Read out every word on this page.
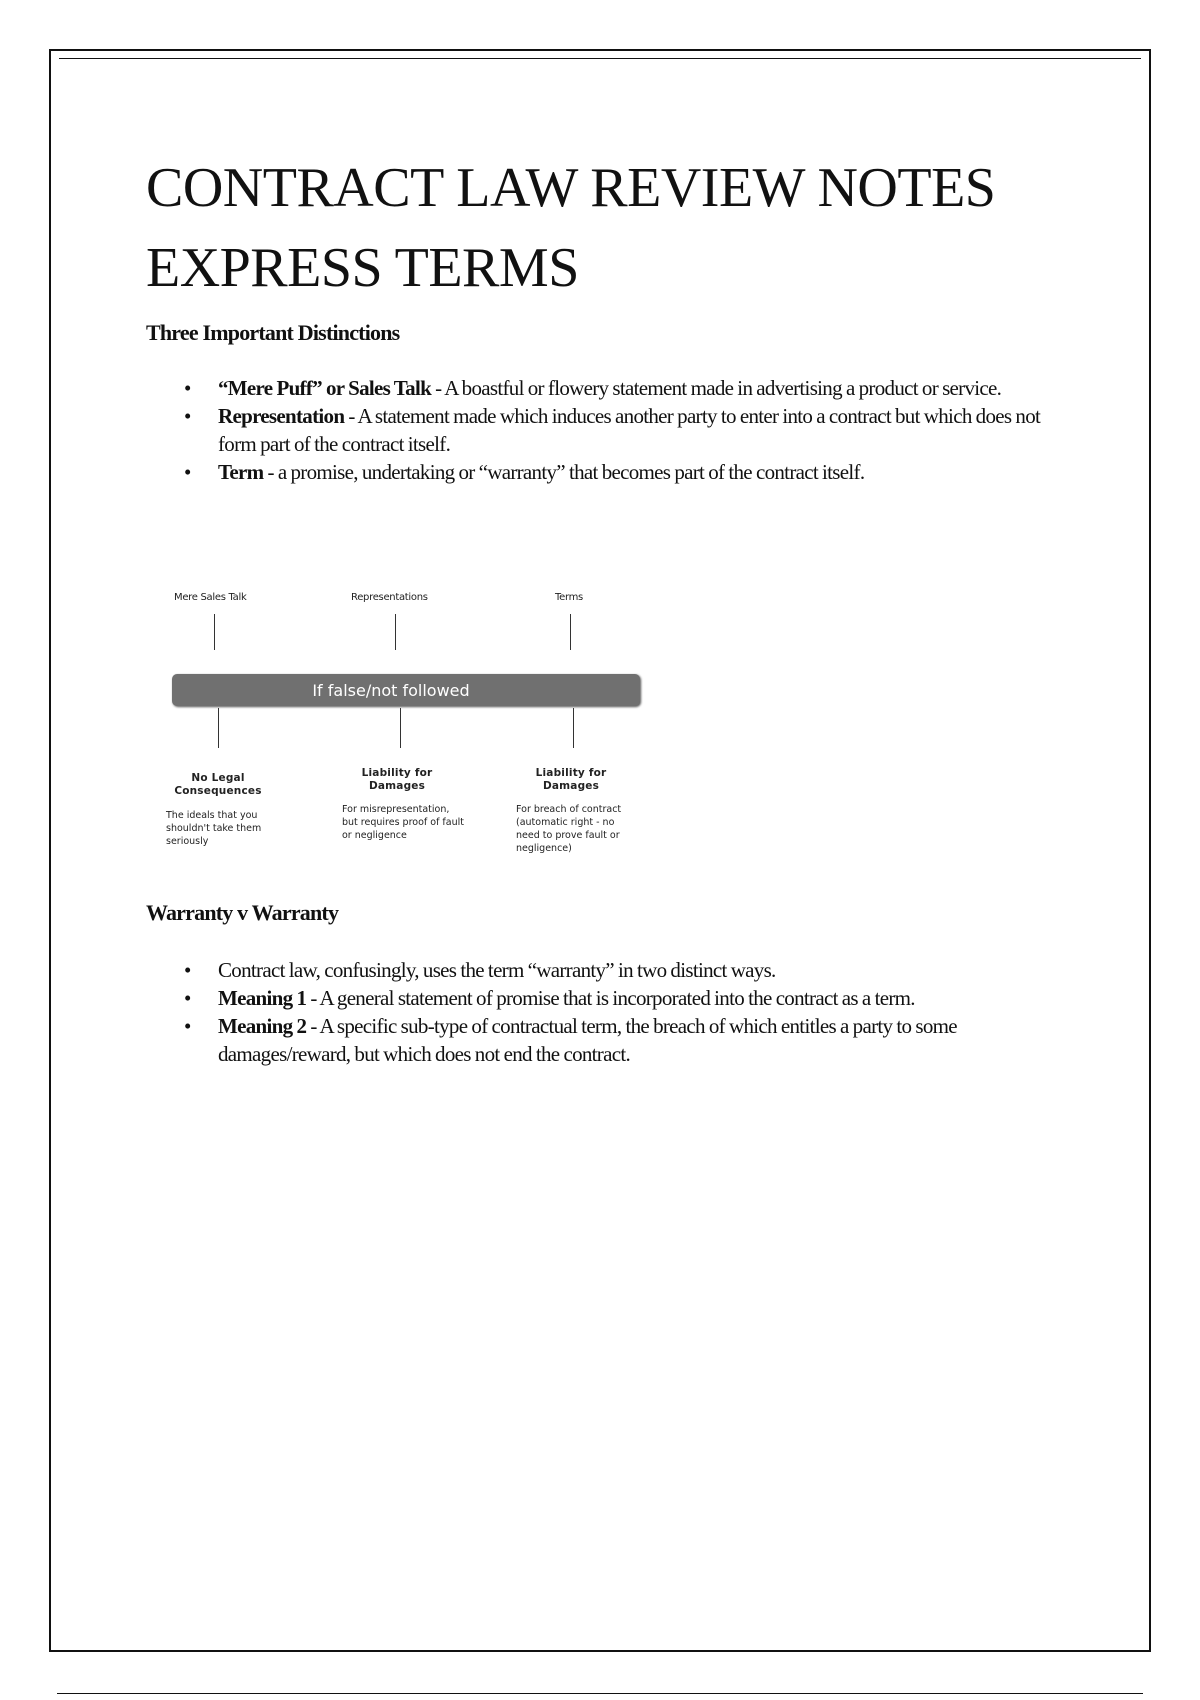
CONTRACT LAW REVIEW NOTES
EXPRESS TERMS
Three Important Distinctions
• “Mere Puff” or Sales Talk - A boastful or flowery statement made in advertising a product or service.
• Representation - A statement made which induces another party to enter into a contract but which does not form part of the contract itself.
• Term - a promise, undertaking or “warranty” that becomes part of the contract itself.
Warranty v Warranty
• Contract law, confusingly, uses the term “warranty” in two distinct ways.
• Meaning 1 - A general statement of promise that is incorporated into the contract as a term.
• Meaning 2 - A specific sub-type of contractual term, the breach of which entitles a party to some damages/reward, but which does not end the contract.
Mere Sales Talk	Representations	Terms
If false/not followed
No Legal Consequences
Liability for Damages
Liability for Damages
The ideals that you shouldn't take them seriously
For misrepresentation, but requires proof of fault or negligence
For breach of contract (automatic right - no need to prove fault or negligence)
